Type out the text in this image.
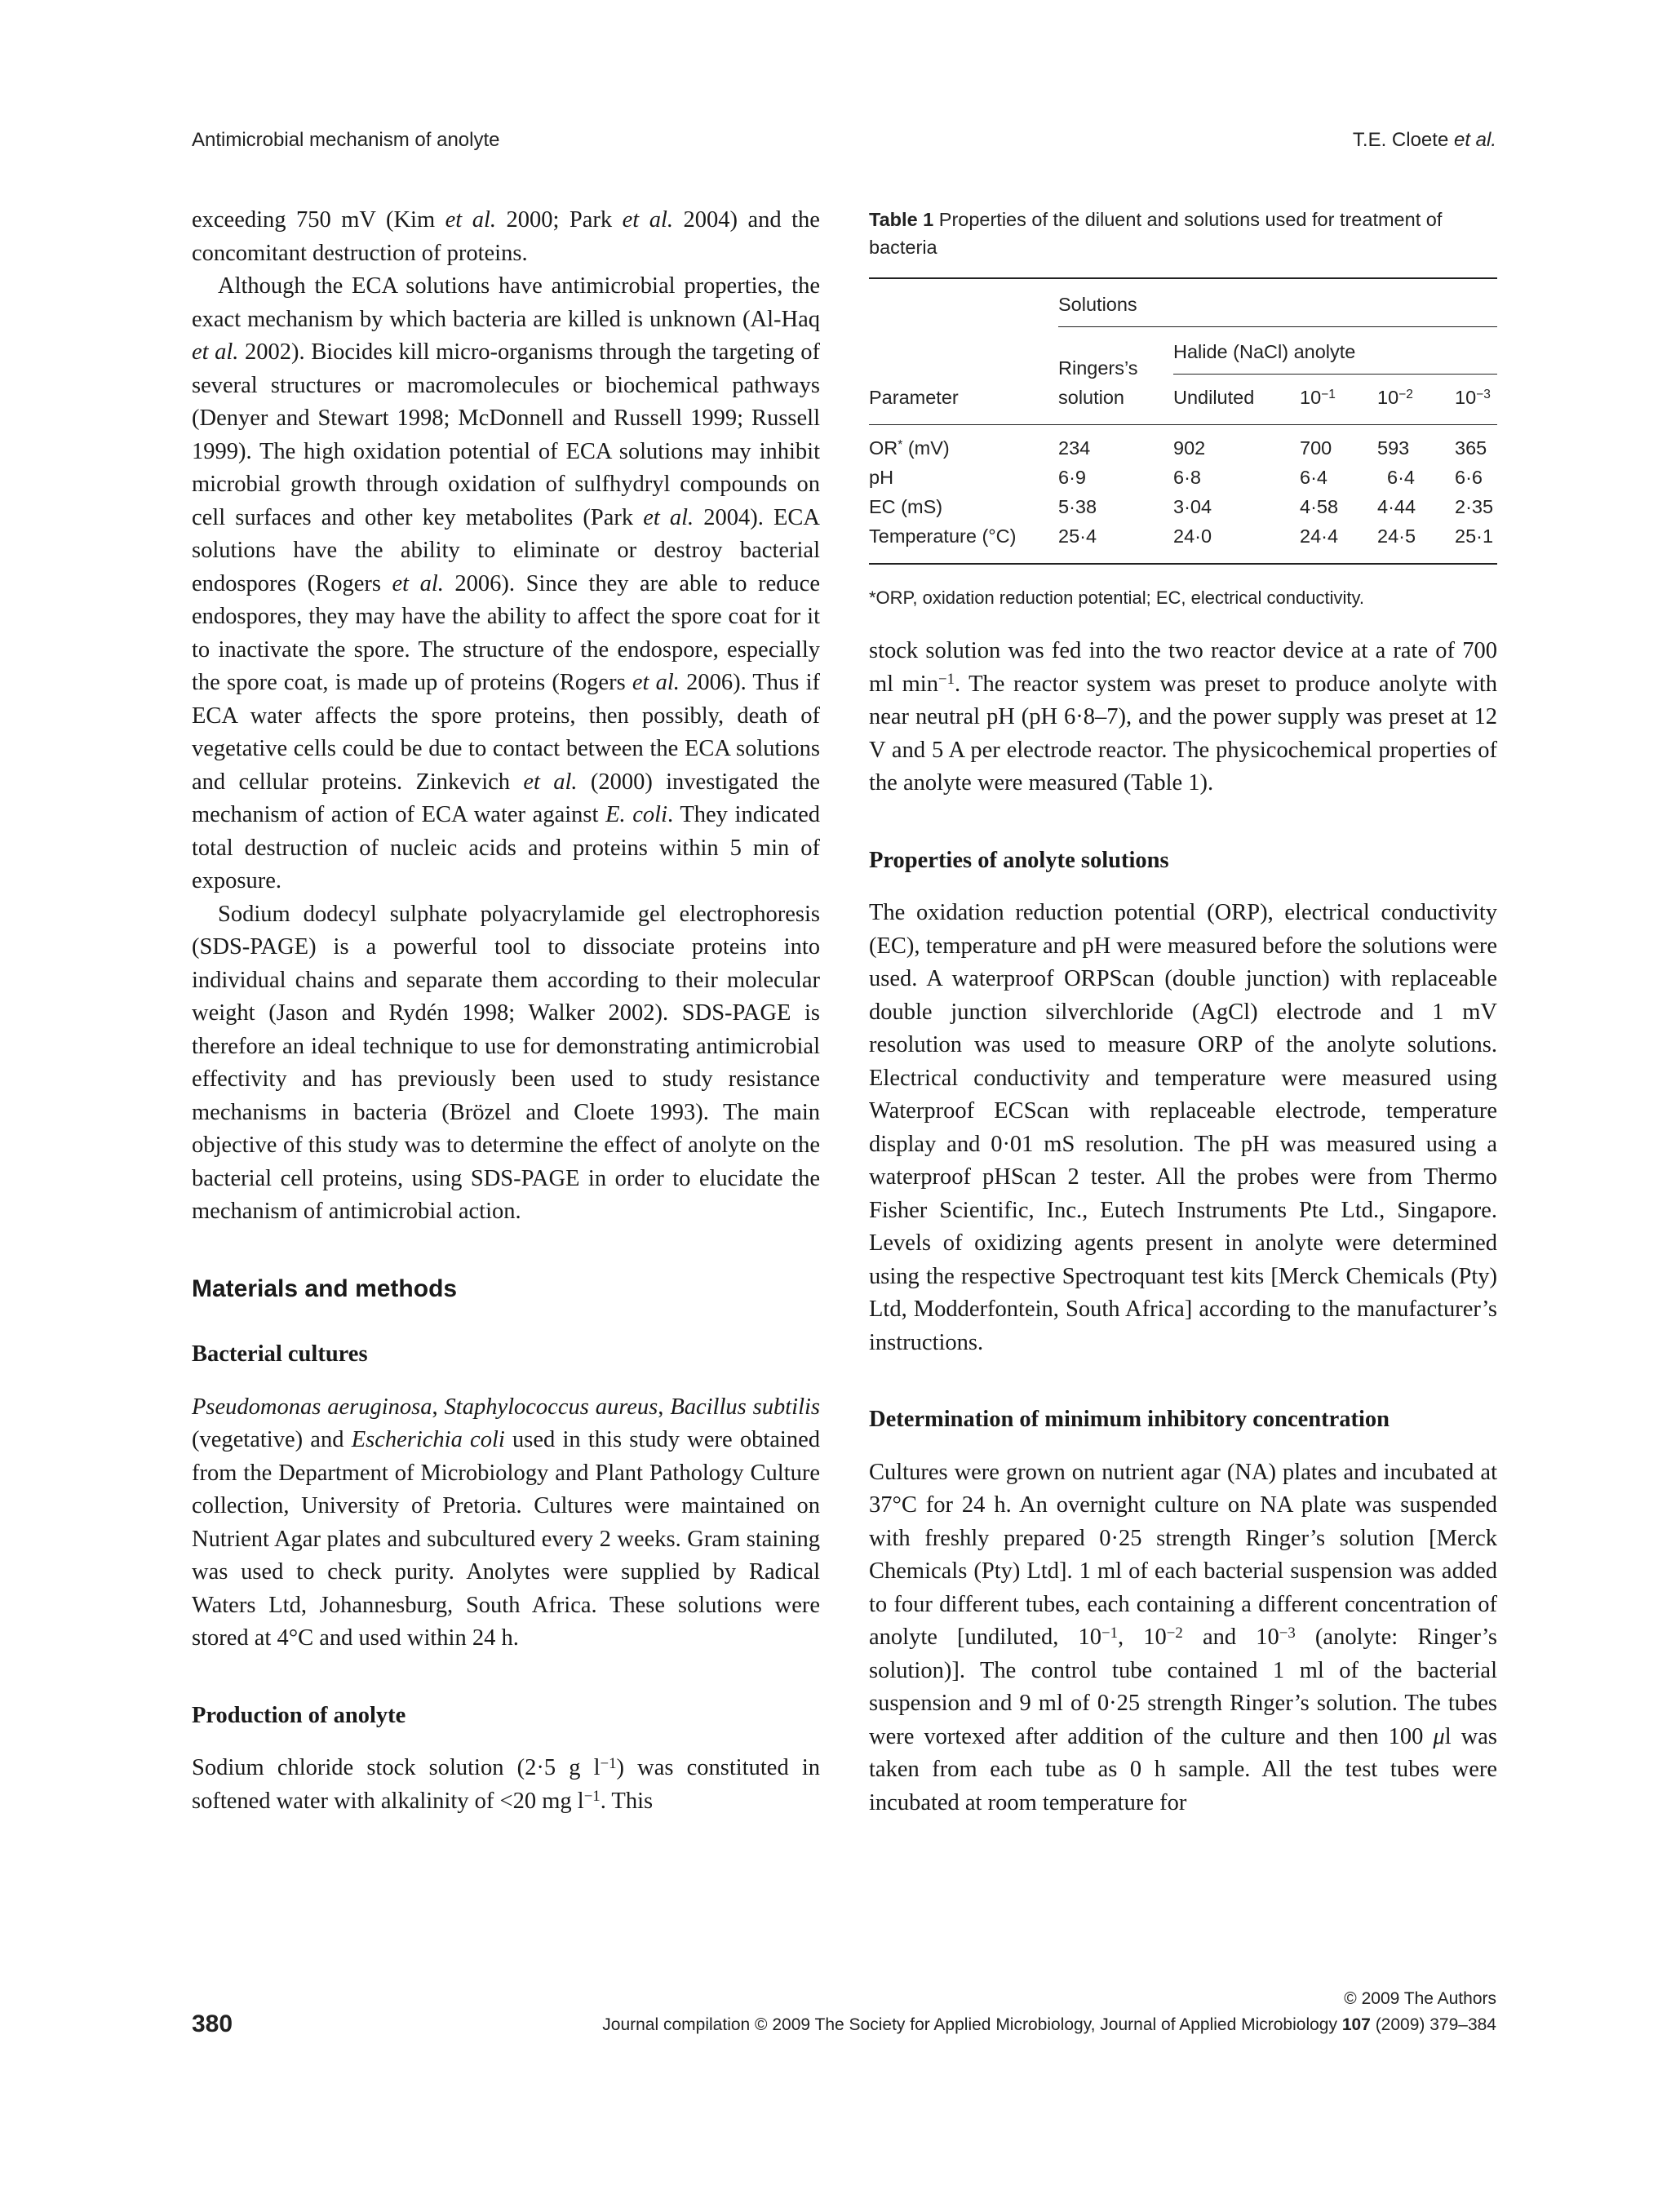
Antimicrobial mechanism of anolyte	T.E. Cloete et al.

exceeding 750 mV (Kim et al. 2000; Park et al. 2004) and the concomitant destruction of proteins.

Although the ECA solutions have antimicrobial properties, the exact mechanism by which bacteria are killed is unknown (Al-Haq et al. 2002). Biocides kill micro-organisms through the targeting of several structures or macromolecules or biochemical pathways (Denyer and Stewart 1998; McDonnell and Russell 1999; Russell 1999). The high oxidation potential of ECA solutions may inhibit microbial growth through oxidation of sulfhydryl compounds on cell surfaces and other key metabolites (Park et al. 2004). ECA solutions have the ability to eliminate or destroy bacterial endospores (Rogers et al. 2006). Since they are able to reduce endospores, they may have the ability to affect the spore coat for it to inactivate the spore. The structure of the endospore, especially the spore coat, is made up of proteins (Rogers et al. 2006). Thus if ECA water affects the spore proteins, then possibly, death of vegetative cells could be due to contact between the ECA solutions and cellular proteins. Zinkevich et al. (2000) investigated the mechanism of action of ECA water against E. coli. They indicated total destruction of nucleic acids and proteins within 5 min of exposure.

Sodium dodecyl sulphate polyacrylamide gel electrophoresis (SDS-PAGE) is a powerful tool to dissociate proteins into individual chains and separate them according to their molecular weight (Jason and Rydén 1998; Walker 2002). SDS-PAGE is therefore an ideal technique to use for demonstrating antimicrobial effectivity and has previously been used to study resistance mechanisms in bacteria (Brözel and Cloete 1993). The main objective of this study was to determine the effect of anolyte on the bacterial cell proteins, using SDS-PAGE in order to elucidate the mechanism of antimicrobial action.

Materials and methods
Bacterial cultures

Pseudomonas aeruginosa, Staphylococcus aureus, Bacillus subtilis (vegetative) and Escherichia coli used in this study were obtained from the Department of Microbiology and Plant Pathology Culture collection, University of Pretoria. Cultures were maintained on Nutrient Agar plates and subcultured every 2 weeks. Gram staining was used to check purity. Anolytes were supplied by Radical Waters Ltd, Johannesburg, South Africa. These solutions were stored at 4°C and used within 24 h.

Production of anolyte

Sodium chloride stock solution (2·5 g $l^{-1}$) was constituted in softened water with alkalinity of <20 mg $l^{-1}$. This

Table 1 Properties of the diluent and solutions used for treatment of bacteria
Solutions
Halide (NaCl) anolyte
Ringers’s
Parameter	solution	Undiluted $10^{-1}$ $10^{-2}$ $10^{-3}$
OR* (mV)	234	902	700 593 365
pH	6·9	6·8	6·4	6·4 6·6
EC (mS)	5·38	3·04	4·58 4·44 2·35
Temperature (°C) 25·4	24·0	24·4 24·5 25·1
*ORP, oxidation reduction potential; EC, electrical conductivity.

stock solution was fed into the two reactor device at a rate of 700 ml $\min^{-1}$. The reactor system was preset to produce anolyte with near neutral pH (pH 6·8–7), and the power supply was preset at 12 V and 5 A per electrode reactor. The physicochemical properties of the anolyte were measured (Table 1).

Properties of anolyte solutions

The oxidation reduction potential (ORP), electrical conductivity (EC), temperature and pH were measured before the solutions were used. A waterproof ORPScan (double junction) with replaceable double junction silverchloride (AgCl) electrode and 1 mV resolution was used to measure ORP of the anolyte solutions. Electrical conductivity and temperature were measured using Waterproof ECScan with replaceable electrode, temperature display and 0·01 mS resolution. The pH was measured using a waterproof pHScan 2 tester. All the probes were from Thermo Fisher Scientific, Inc., Eutech Instruments Pte Ltd., Singapore. Levels of oxidizing agents present in anolyte were determined using the respective Spectroquant test kits [Merck Chemicals (Pty) Ltd, Modderfontein, South Africa] according to the manufacturer’s instructions.

Determination of minimum inhibitory concentration

Cultures were grown on nutrient agar (NA) plates and incubated at 37°C for 24 h. An overnight culture on NA plate was suspended with freshly prepared 0·25 strength Ringer’s solution [Merck Chemicals (Pty) Ltd]. 1 ml of each bacterial suspension was added to four different tubes, each containing a different concentration of anolyte [undiluted, $10^{-1}$, $10^{-2}$ and $10^{-3}$ (anolyte: Ringer’s solution)]. The control tube contained 1 ml of the bacterial suspension and 9 ml of 0·25 strength Ringer’s solution. The tubes were vortexed after addition of the culture and then 100 μl was taken from each tube as 0 h sample. All the test tubes were incubated at room temperature for

© 2009 The Authors
380	Journal compilation © 2009 The Society for Applied Microbiology, Journal of Applied Microbiology 107 (2009) 379–384
